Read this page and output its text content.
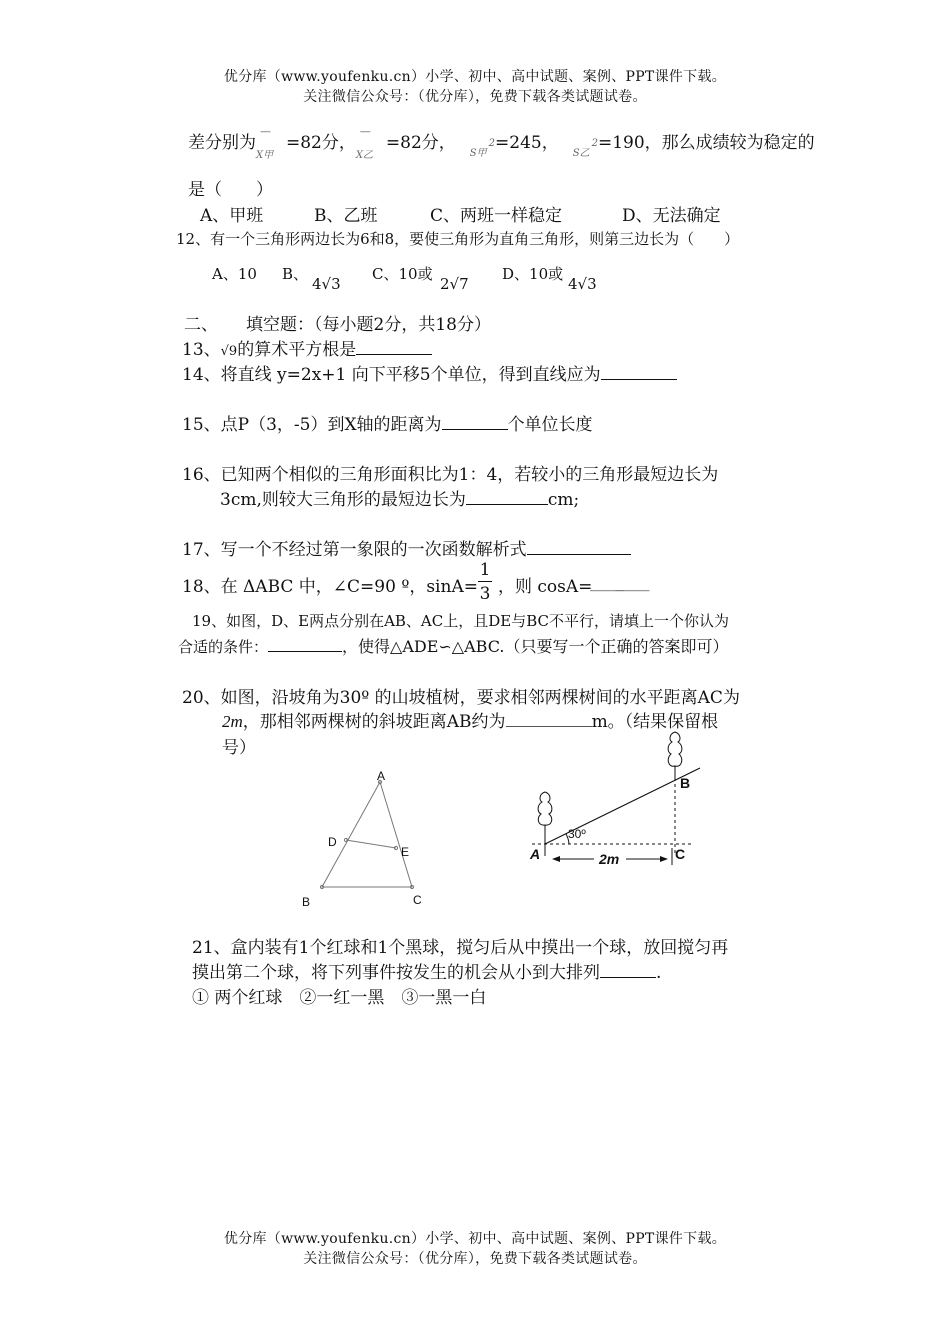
优分库（www.youfenku.cn）小学、初中、高中试题、案例、PPT课件下载。
关注微信公众号：（优分库），免费下载各类试题试卷。
差分别为
—
$_{X甲}$=82分，
—
$_{X乙}$=82分，$_{S甲}$2=245，$_{S乙}$2=190，那么成绩较为稳定的
是（　　）
A、甲班	B、乙班	C、两班一样稳定	D、无法确定
12、有一个三角形两边长为6和8，要使三角形为直角三角形，则第三边长为（　　）
A、10 B、
4√3
C、10或
2√7
D、10或
4√3
二、 填空题：（每小题2分，共18分）
13、√9的算术平方根是
14、将直线 y=2x+1 向下平移5个单位，得到直线应为
15、点P（3，-5）到X轴的距离为	个单位长度
16、已知两个相似的三角形面积比为1：4，若较小的三角形最短边长为
3cm,则较大三角形的最短边长为	cm;
17、写一个不经过第一象限的一次函数解析式
18、在 ΔABC 中，∠C=90 º，sinA=
1
3 ，则 cosA=
_______
19、如图，D、E两点分别在AB、AC上，且DE与BC不平行，请填上一个你认为
合适的条件：	，使得△ADE∽△ABC.（只要写一个正确的答案即可）
20、如图，沿坡角为30º 的山坡植树，要求相邻两棵树间的水平距离AC为
2m，那相邻两棵树的斜坡距离AB约为	m。（结果保留根
号）
A
B	C
D
E	A
B
C
30º
2m
21、盒内装有1个红球和1个黑球，搅匀后从中摸出一个球，放回搅匀再
摸出第二个球，将下列事件按发生的机会从小到大排列	.
① 两个红球　②一红一黑　③一黑一白
优分库（www.youfenku.cn）小学、初中、高中试题、案例、PPT课件下载。
关注微信公众号：（优分库），免费下载各类试题试卷。
